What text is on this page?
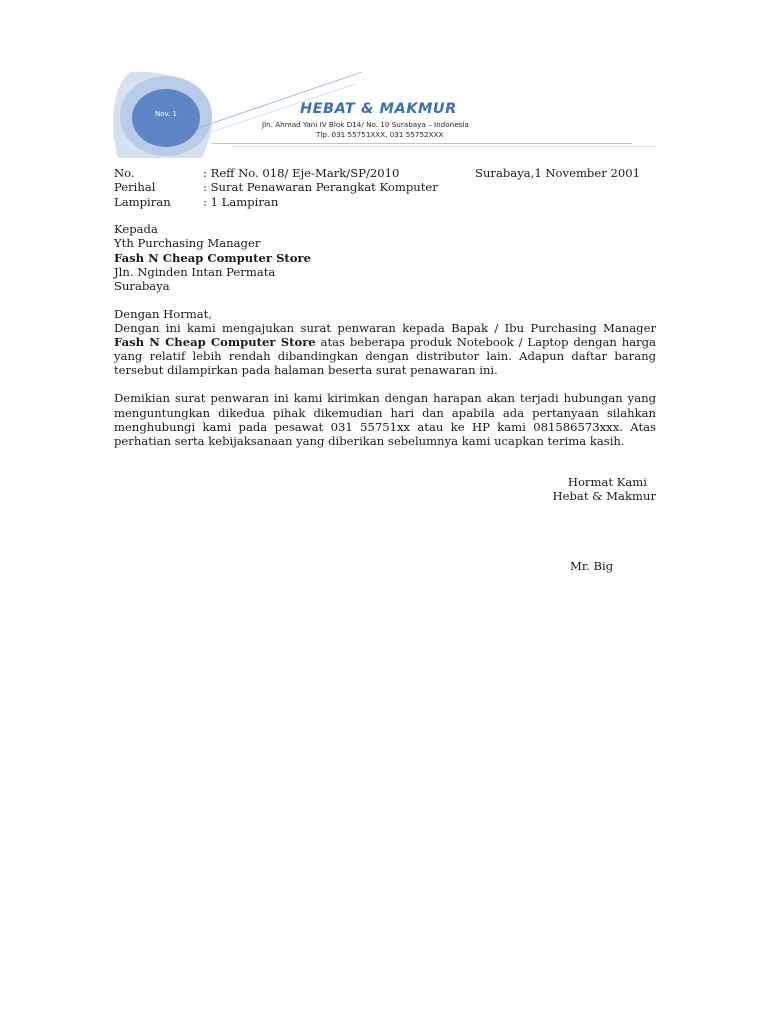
Nov. 1	HEBAT & MAKMUR
Jln. Ahmad Yani IV Blok D14/ No. 10 Surabaya – Indonesia
Tlp. 031 55751XXX, 031 55752XXX
No.	: Reff No. 018/ Eje-Mark/SP/2010
Perihal	: Surat Penawaran Perangkat Komputer
Lampiran	: 1 Lampiran
Surabaya,1 November 2001
Kepada
Yth Purchasing Manager
Fash N Cheap Computer Store
Jln. Nginden Intan Permata
Surabaya

Dengan Hormat,

Dengan ini kami mengajukan surat penwaran kepada Bapak / Ibu Purchasing Manager Fash N Cheap Computer Store atas beberapa produk Notebook / Laptop dengan harga yang relatif lebih rendah dibandingkan dengan distributor lain. Adapun daftar barang tersebut dilampirkan pada halaman beserta surat penawaran ini.

Demikian surat penwaran ini kami kirimkan dengan harapan akan terjadi hubungan yang menguntungkan dikedua pihak dikemudian hari dan apabila ada pertanyaan silahkan menghubungi kami pada pesawat 031 55751xx atau ke HP kami 081586573xxx. Atas perhatian serta kebijaksanaan yang diberikan sebelumnya kami ucapkan terima kasih.

Hormat Kami
Hebat & Makmur
Mr. Big
